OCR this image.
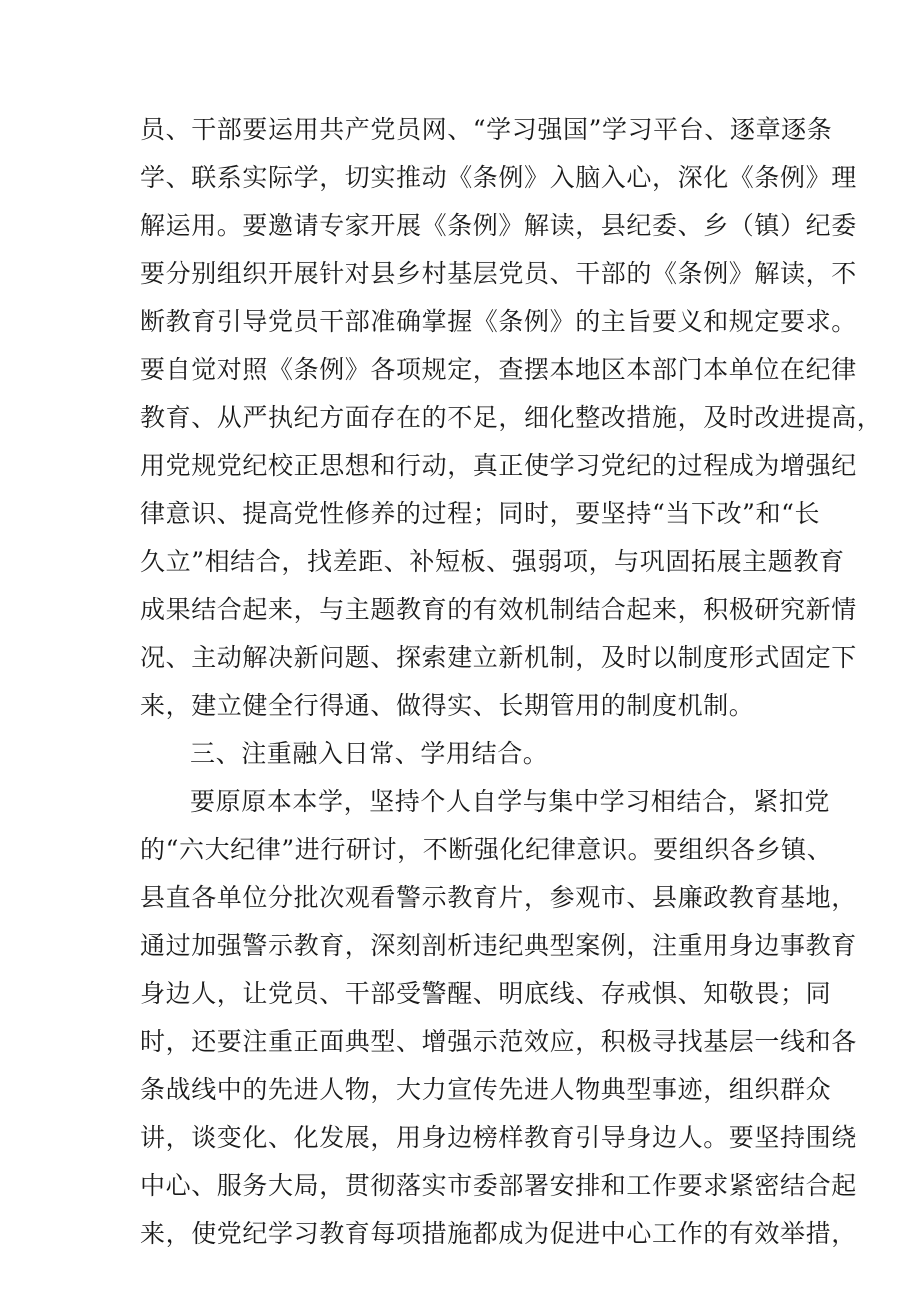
员、干部要运用共产党员网、“学习强国”学习平台、逐章逐条
学、联系实际学，切实推动《条例》入脑入心，深化《条例》理
解运用。要邀请专家开展《条例》解读，县纪委、乡（镇）纪委
要分别组织开展针对县乡村基层党员、干部的《条例》解读，不
断教育引导党员干部准确掌握《条例》的主旨要义和规定要求。
要自觉对照《条例》各项规定，查摆本地区本部门本单位在纪律
教育、从严执纪方面存在的不足，细化整改措施，及时改进提高，
用党规党纪校正思想和行动，真正使学习党纪的过程成为增强纪
律意识、提高党性修养的过程；同时，要坚持“当下改”和“长
久立”相结合，找差距、补短板、强弱项，与巩固拓展主题教育
成果结合起来，与主题教育的有效机制结合起来，积极研究新情
况、主动解决新问题、探索建立新机制，及时以制度形式固定下
来，建立健全行得通、做得实、长期管用的制度机制。
三、注重融入日常、学用结合。
要原原本本学，坚持个人自学与集中学习相结合，紧扣党
的“六大纪律”进行研讨，不断强化纪律意识。要组织各乡镇、
县直各单位分批次观看警示教育片，参观市、县廉政教育基地，
通过加强警示教育，深刻剖析违纪典型案例，注重用身边事教育
身边人，让党员、干部受警醒、明底线、存戒惧、知敬畏；同
时，还要注重正面典型、增强示范效应，积极寻找基层一线和各
条战线中的先进人物，大力宣传先进人物典型事迹，组织群众
讲，谈变化、化发展，用身边榜样教育引导身边人。要坚持围绕
中心、服务大局，贯彻落实市委部署安排和工作要求紧密结合起
来，使党纪学习教育每项措施都成为促进中心工作的有效举措，
